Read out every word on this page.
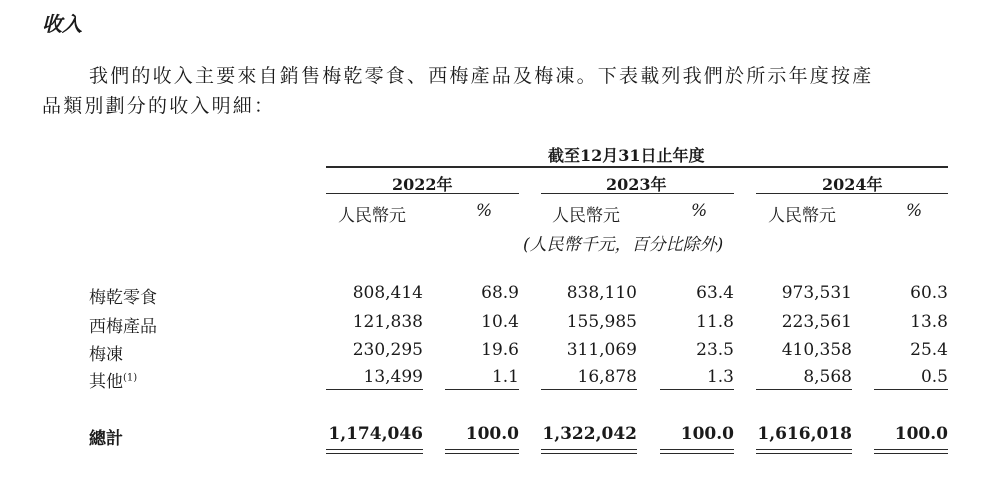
收入
我們的收入主要來自銷售梅乾零食、西梅產品及梅凍。下表載列我們於所示年度按產
品類別劃分的收入明細：
截至12月31日止年度
2022年	2023年	2024年
人民幣元	%	人民幣元	%	人民幣元	%
(人民幣千元，百分比除外)
梅乾零食	808,414	68.9	838,110	63.4	973,531	60.3
西梅產品	121,838	10.4	155,985	11.8	223,561	13.8
梅凍	230,295	19.6	311,069	23.5	410,358	25.4
其他$^{(1)}$	13,499	1.1	16,878	1.3	8,568	0.5
總計	1,174,046	100.0 1,322,042	100.0 1,616,018	100.0
